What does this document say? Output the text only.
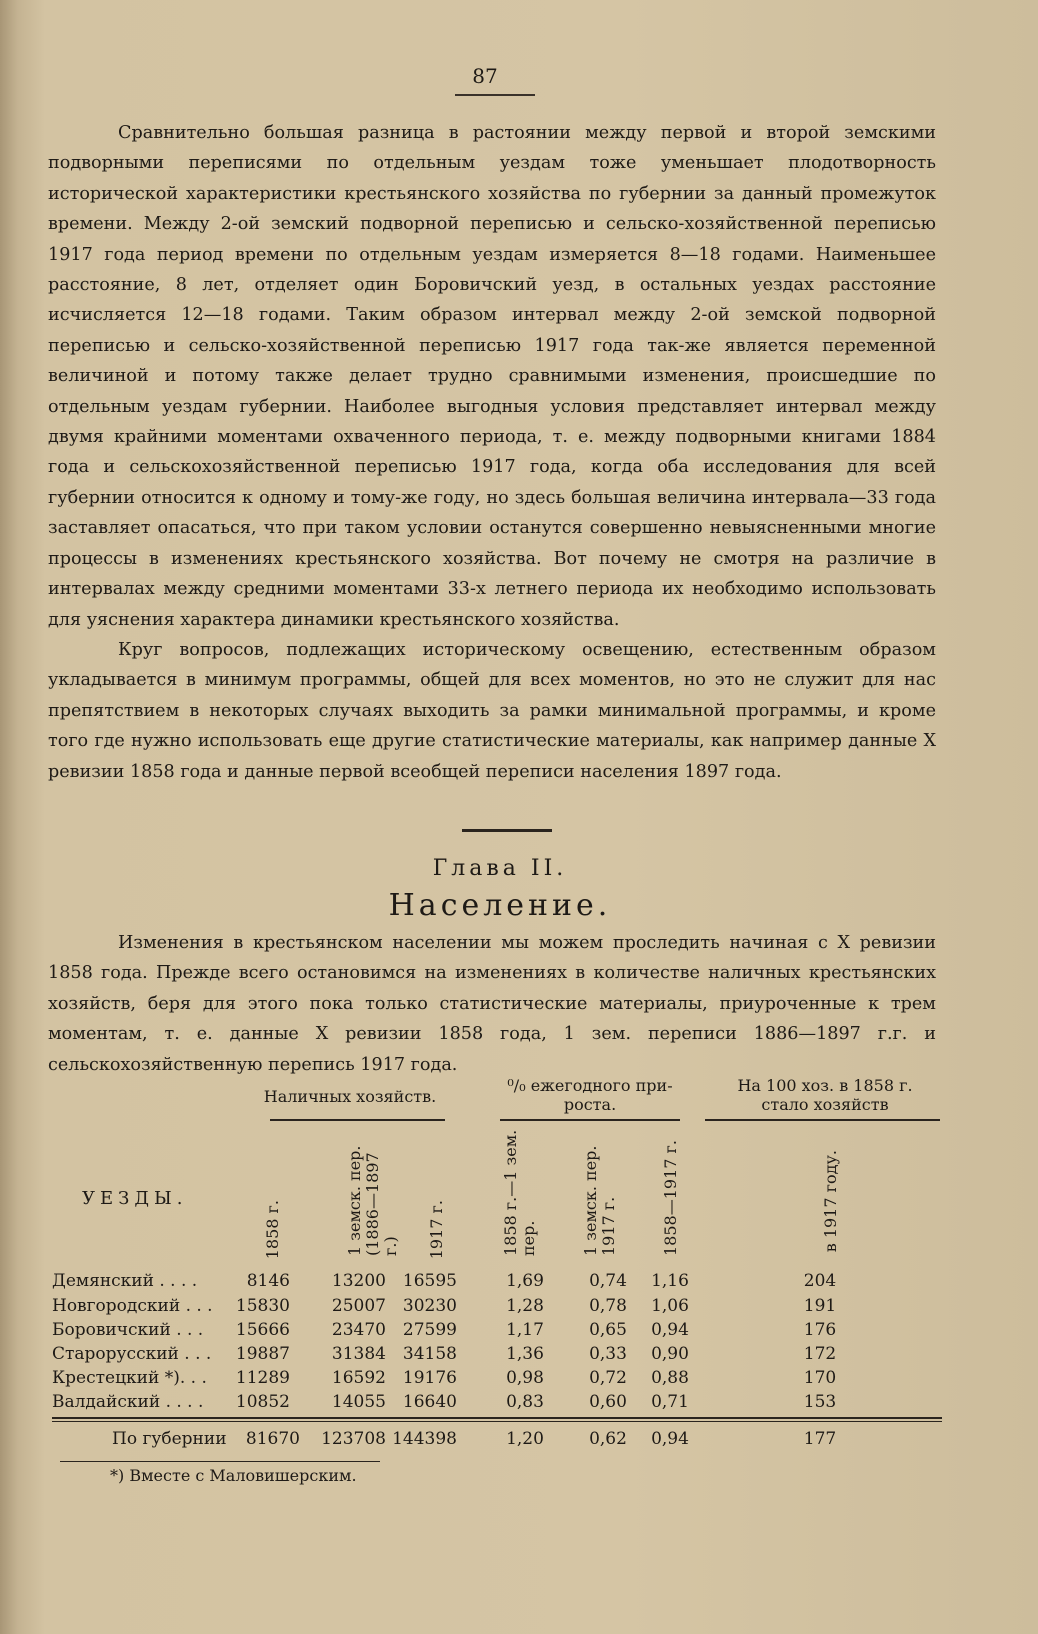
87

Сравнительно большая разница в растоянии между первой и второй земскими подворными переписями по отдельным уездам тоже уменьшает плодотворность исторической характеристики крестьянского хозяйства по губернии за данный промежуток времени. Между 2-ой земский подворной переписью и сельско-хозяйственной переписью 1917 года период времени по отдельным уездам измеряется 8—18 годами. Наименьшее расстояние, 8 лет, отделяет один Боровичский уезд, в остальных уездах расстояние исчисляется 12—18 годами. Таким образом интервал между 2-ой земской подворной переписью и сельско-хозяйственной переписью 1917 года так-же является переменной величиной и потому также делает трудно сравнимыми изменения, происшедшие по отдельным уездам губернии. Наиболее выгодныя условия представляет интервал между двумя крайними моментами охваченного периода, т. е. между подворными книгами 1884 года и сельскохозяйственной переписью 1917 года, когда оба исследования для всей губернии относится к одному и тому-же году, но здесь большая величина интервала—33 года заставляет опасаться, что при таком условии останутся совершенно невыясненными многие процессы в изменениях крестьянского хозяйства. Вот почему не смотря на различие в интервалах между средними моментами 33-х летнего периода их необходимо использовать для уяснения характера динамики крестьянского хозяйства.

Круг вопросов, подлежащих историческому освещению, естественным образом укладывается в минимум программы, общей для всех моментов, но это не служит для нас препятствием в некоторых случаях выходить за рамки минимальной программы, и кроме того где нужно использовать еще другие статистические материалы, как например данные X ревизии 1858 года и данные первой всеобщей переписи населения 1897 года.

Глава II.
Население.

Изменения в крестьянском населении мы можем проследить начиная с X ревизии 1858 года. Прежде всего остановимся на изменениях в количестве наличных крестьянских хозяйств, беря для этого пока только статистические материалы, приуроченные к трем моментам, т. е. данные X ревизии 1858 года, 1 зем. переписи 1886—1897 г.г. и сельскохозяйственную перепись 1917 года.

Наличных хозяйств.
⁰/₀ ежегодного при-
роста.
На 100 хоз. в 1858 г.
стало хозяйств
УЕЗДЫ.
1858 г.	1 земск. пер. (1886—1897 г.) 1917 г.	1858 г.—1 зем. пер.	1 земск. пер. 1917 г.	1858—1917 г.	в 1917 году.
Демянский . . . .	8146	13200 16595	1,69	0,74	1,16	204
Новгородский . . .	15830	25007 30230	1,28	0,78	1,06	191
Боровичский . . .	15666	23470 27599	1,17	0,65	0,94	176
Старорусский . . .	19887	31384 34158	1,36	0,33	0,90	172
Крестецкий *). . .	11289	16592 19176	0,98	0,72	0,88	170
Валдайский . . . .	10852	14055 16640	0,83	0,60	0,71	153
По губернии	81670	123708 144398	1,20	0,62	0,94	177
*) Вместе с Маловишерским.
